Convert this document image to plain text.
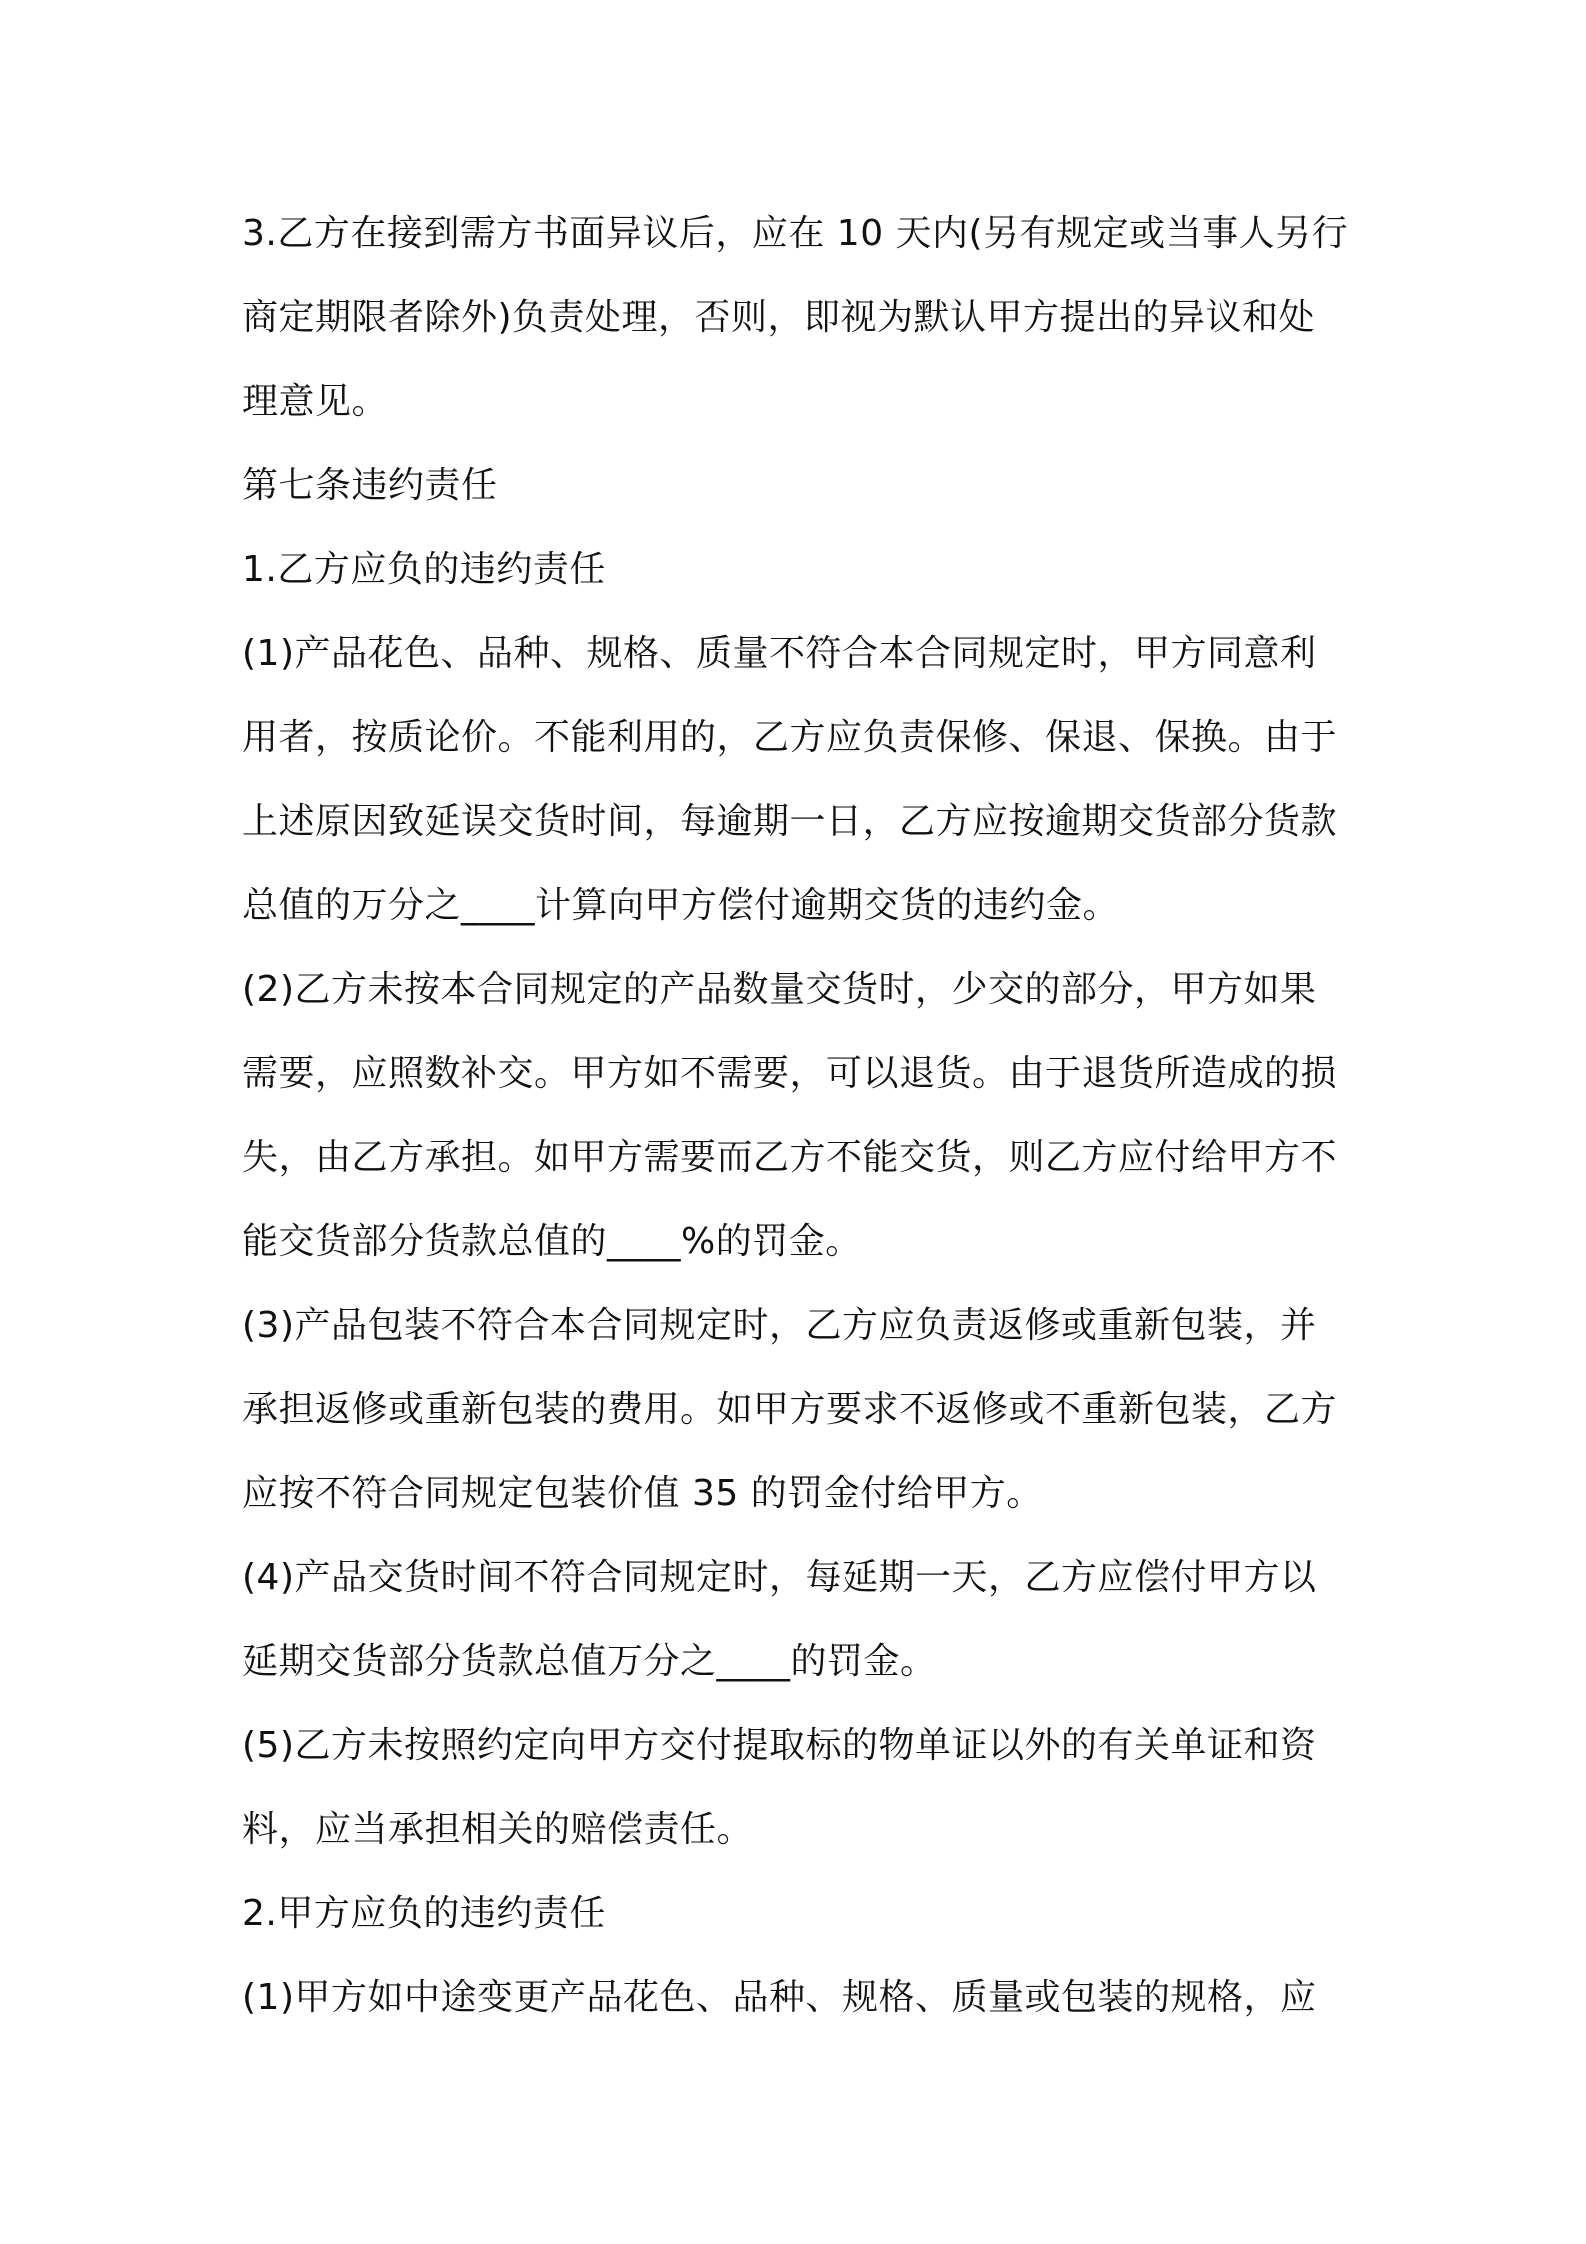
3.乙方在接到需方书面异议后，应在 10 天内(另有规定或当事人另行
商定期限者除外)负责处理，否则，即视为默认甲方提出的异议和处
理意见。
第七条违约责任
1.乙方应负的违约责任
(1)产品花色、品种、规格、质量不符合本合同规定时，甲方同意利
用者，按质论价。不能利用的，乙方应负责保修、保退、保换。由于
上述原因致延误交货时间，每逾期一日，乙方应按逾期交货部分货款
总值的万分之____计算向甲方偿付逾期交货的违约金。
(2)乙方未按本合同规定的产品数量交货时，少交的部分，甲方如果
需要，应照数补交。甲方如不需要，可以退货。由于退货所造成的损
失，由乙方承担。如甲方需要而乙方不能交货，则乙方应付给甲方不
能交货部分货款总值的____%的罚金。
(3)产品包装不符合本合同规定时，乙方应负责返修或重新包装，并
承担返修或重新包装的费用。如甲方要求不返修或不重新包装，乙方
应按不符合同规定包装价值 35 的罚金付给甲方。
(4)产品交货时间不符合同规定时，每延期一天，乙方应偿付甲方以
延期交货部分货款总值万分之____的罚金。
(5)乙方未按照约定向甲方交付提取标的物单证以外的有关单证和资
料，应当承担相关的赔偿责任。
2.甲方应负的违约责任
(1)甲方如中途变更产品花色、品种、规格、质量或包装的规格，应
